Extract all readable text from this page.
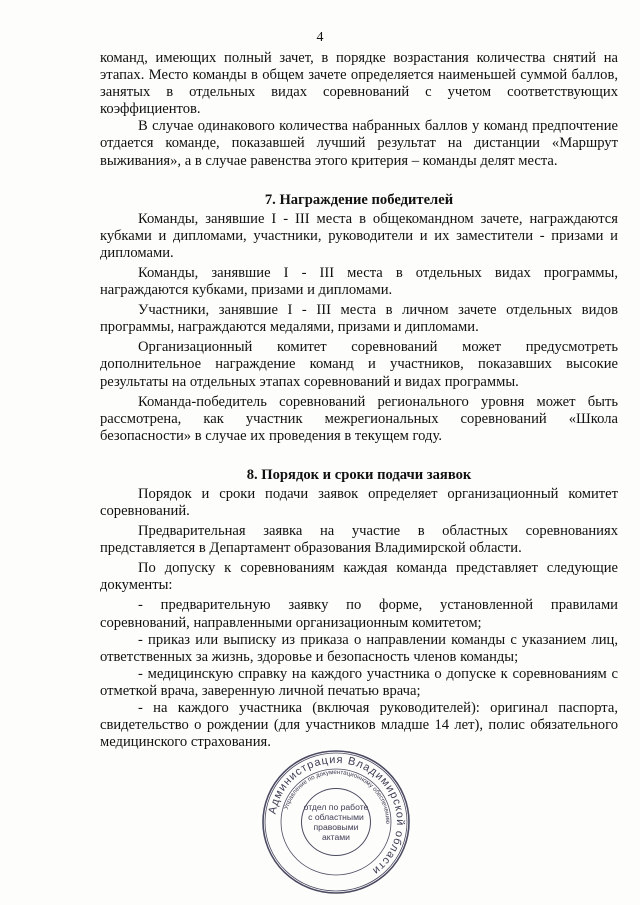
4

команд, имеющих полный зачет, в порядке возрастания количества снятий на этапах. Место команды в общем зачете определяется наименьшей суммой баллов, занятых в отдельных видах соревнований с учетом соответствующих коэффициентов.

В случае одинакового количества набранных баллов у команд предпочтение отдается команде, показавшей лучший результат на дистанции «Маршрут выживания», а в случае равенства этого критерия – команды делят места.

7. Награждение победителей

Команды, занявшие I - III места в общекомандном зачете, награждаются кубками и дипломами, участники, руководители и их заместители - призами и дипломами.

Команды, занявшие I - III места в отдельных видах программы, награждаются кубками, призами и дипломами.

Участники, занявшие I - III места в личном зачете отдельных видов программы, награждаются медалями, призами и дипломами.

Организационный комитет соревнований может предусмотреть дополнительное награждение команд и участников, показавших высокие результаты на отдельных этапах соревнований и видах программы.

Команда-победитель соревнований регионального уровня может быть рассмотрена, как участник межрегиональных соревнований «Школа безопасности» в случае их проведения в текущем году.

8. Порядок и сроки подачи заявок

Порядок и сроки подачи заявок определяет организационный комитет соревнований.

Предварительная заявка на участие в областных соревнованиях представляется в Департамент образования Владимирской области.

По допуску к соревнованиям каждая команда представляет следующие документы:

- предварительную заявку по форме, установленной правилами соревнований, направленными организационным комитетом;

- приказ или выписку из приказа о направлении команды с указанием лиц, ответственных за жизнь, здоровье и безопасность членов команды;

- медицинскую справку на каждого участника о допуске к соревнованиям с отметкой врача, заверенную личной печатью врача;

- на каждого участника (включая руководителей): оригинал паспорта, свидетельство о рождении (для участников младше 14 лет), полис обязательного медицинского страхования.

Администрация Владимирской области
Управление по документационному обеспечению
отдел по работе с областными правовыми актами
